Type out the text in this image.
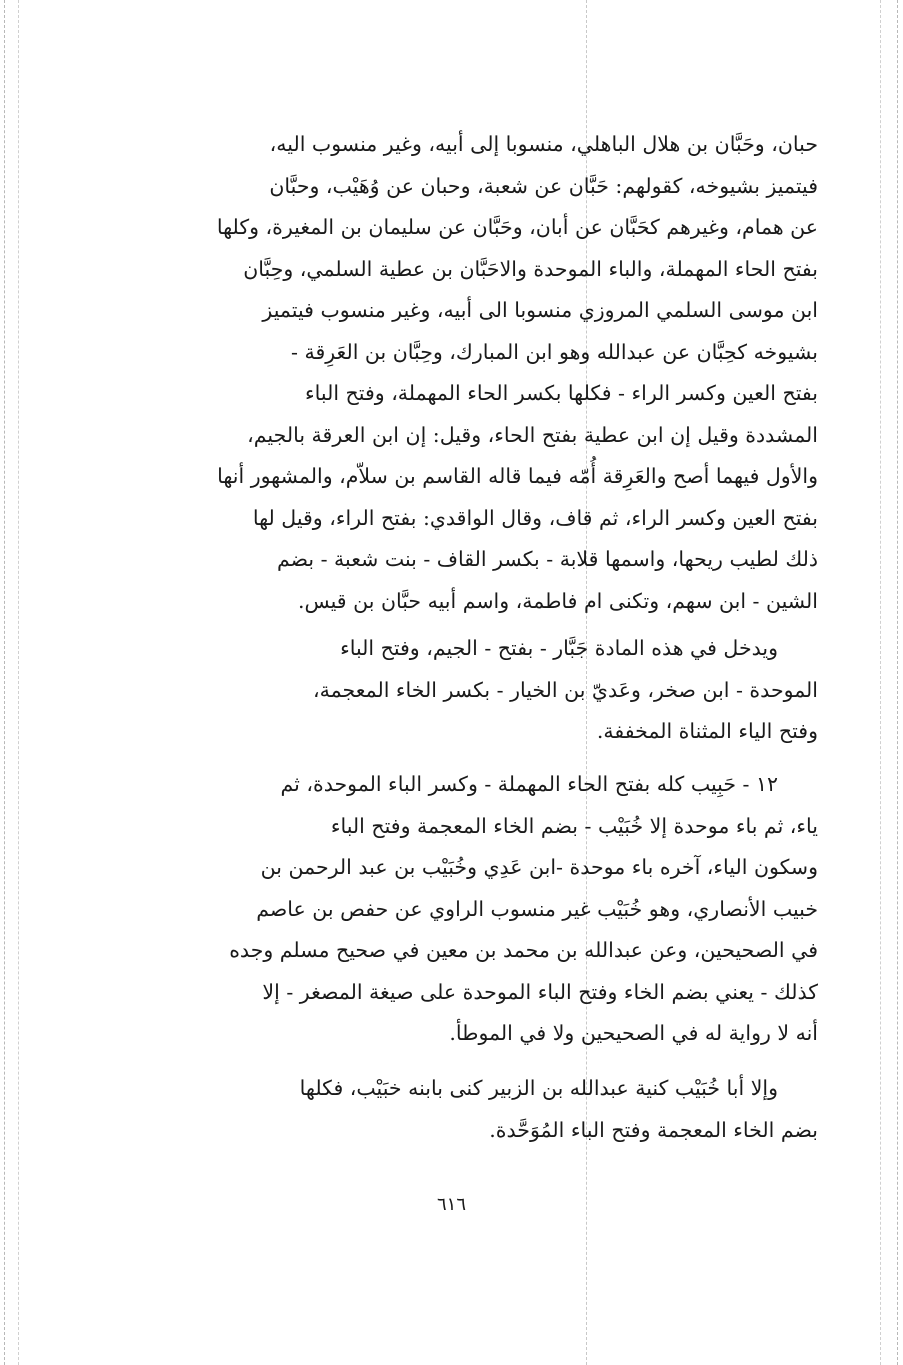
حبان، وحَبَّان بن هلال الباهلي، منسوبا إلى أبيه، وغير منسوب اليه،
فيتميز بشيوخه، كقولهم: حَبَّان عن شعبة، وحبان عن وُهَيْب، وحبَّان
عن همام، وغيرهم كحَبَّان عن أبان، وحَبَّان عن سليمان بن المغيرة، وكلها
بفتح الحاء المهملة، والباء الموحدة والاحَبَّان بن عطية السلمي، وحِبَّان
ابن موسى السلمي المروزي منسوبا الى أبيه، وغير منسوب فيتميز
بشيوخه كحِبَّان عن عبدالله وهو ابن المبارك، وحِبَّان بن العَرِقة -
بفتح العين وكسر الراء - فكلها بكسر الحاء المهملة، وفتح الباء
المشددة وقيل إن ابن عطية بفتح الحاء، وقيل: إن ابن العرقة بالجيم،
والأول فيهما أصح والعَرِقة أُمّه فيما قاله القاسم بن سلاّم، والمشهور أنها
بفتح العين وكسر الراء، ثم قاف، وقال الواقدي: بفتح الراء، وقيل لها
ذلك لطيب ريحها، واسمها قلابة - بكسر القاف - بنت شعبة - بضم
الشين - ابن سهم، وتكنى ام فاطمة، واسم أبيه حبَّان بن قيس.
ويدخل في هذه المادة جَبَّار - بفتح - الجيم، وفتح الباء
الموحدة - ابن صخر، وعَديّ بن الخيار - بكسر الخاء المعجمة،
وفتح الياء المثناة المخففة.
١٢ - حَبِيب كله بفتح الحاء المهملة - وكسر الباء الموحدة، ثم
ياء، ثم باء موحدة إلا خُبَيْب - بضم الخاء المعجمة وفتح الباء
وسكون الياء، آخره باء موحدة -ابن عَدِي وخُبَيْب بن عبد الرحمن بن
خبيب الأنصاري، وهو خُبَيْب غير منسوب الراوي عن حفص بن عاصم
في الصحيحين، وعن عبدالله بن محمد بن معين في صحيح مسلم وجده
كذلك - يعني بضم الخاء وفتح الباء الموحدة على صيغة المصغر - إلا
أنه لا رواية له في الصحيحين ولا في الموطأ.
وإلا أبا خُبَيْب كنية عبدالله بن الزبير كنى بابنه خبَيْب، فكلها
بضم الخاء المعجمة وفتح الباء المُوَحَّدة.
٦١٦
